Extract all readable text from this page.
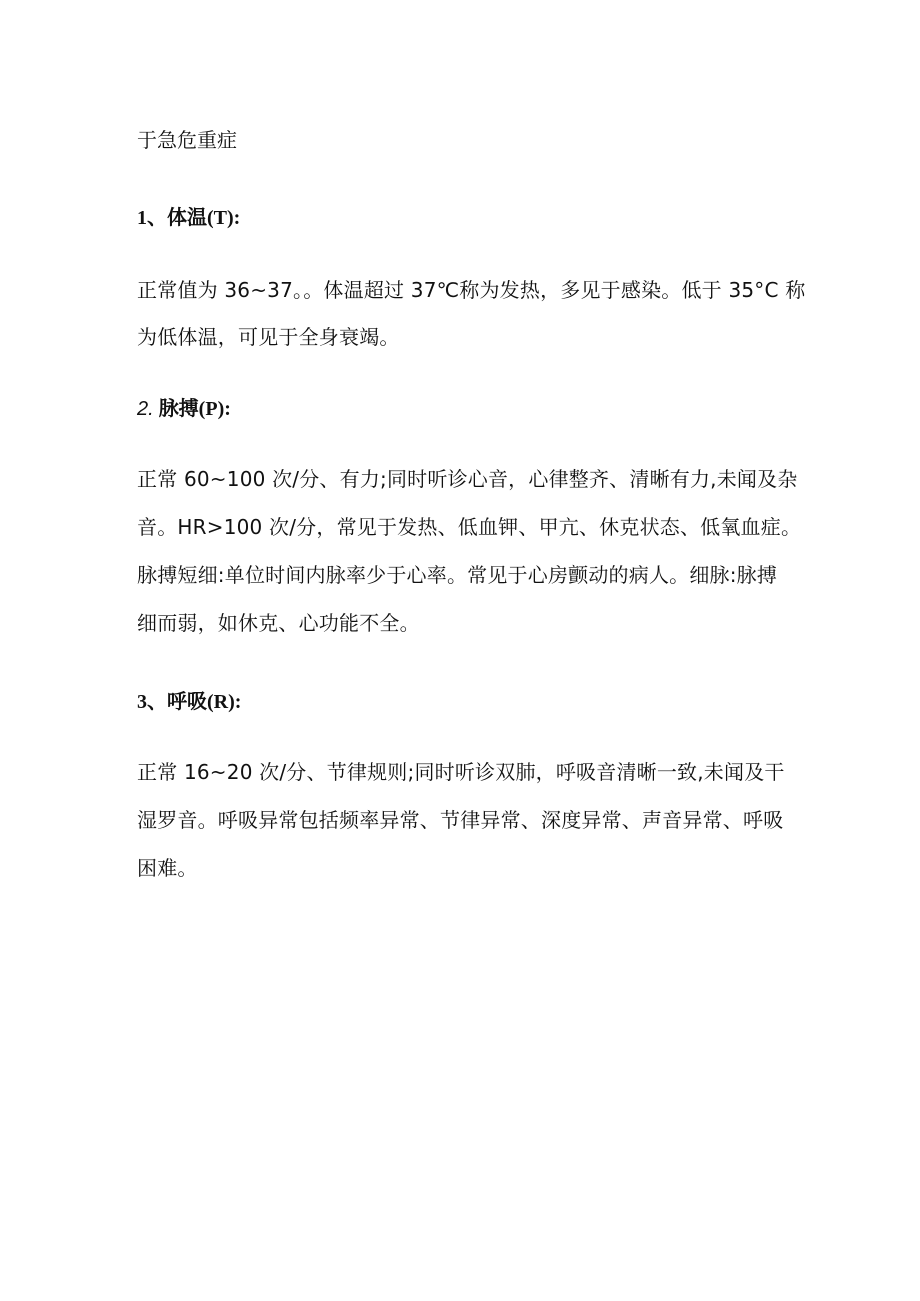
于急危重症
1、体温(T):
正常值为 36~37。。体温超过 37℃称为发热，多见于感染。低于 35°C 称
为低体温，可见于全身衰竭。
2. 脉搏(P):
正常 60~100 次/分、有力;同时听诊心音，心律整齐、清晰有力,未闻及杂
音。HR>100 次/分，常见于发热、低血钾、甲亢、休克状态、低氧血症。
脉搏短细:单位时间内脉率少于心率。常见于心房颤动的病人。细脉:脉搏
细而弱，如休克、心功能不全。
3、呼吸(R):
正常 16~20 次/分、节律规则;同时听诊双肺，呼吸音清晰一致,未闻及干
湿罗音。呼吸异常包括频率异常、节律异常、深度异常、声音异常、呼吸
困难。
